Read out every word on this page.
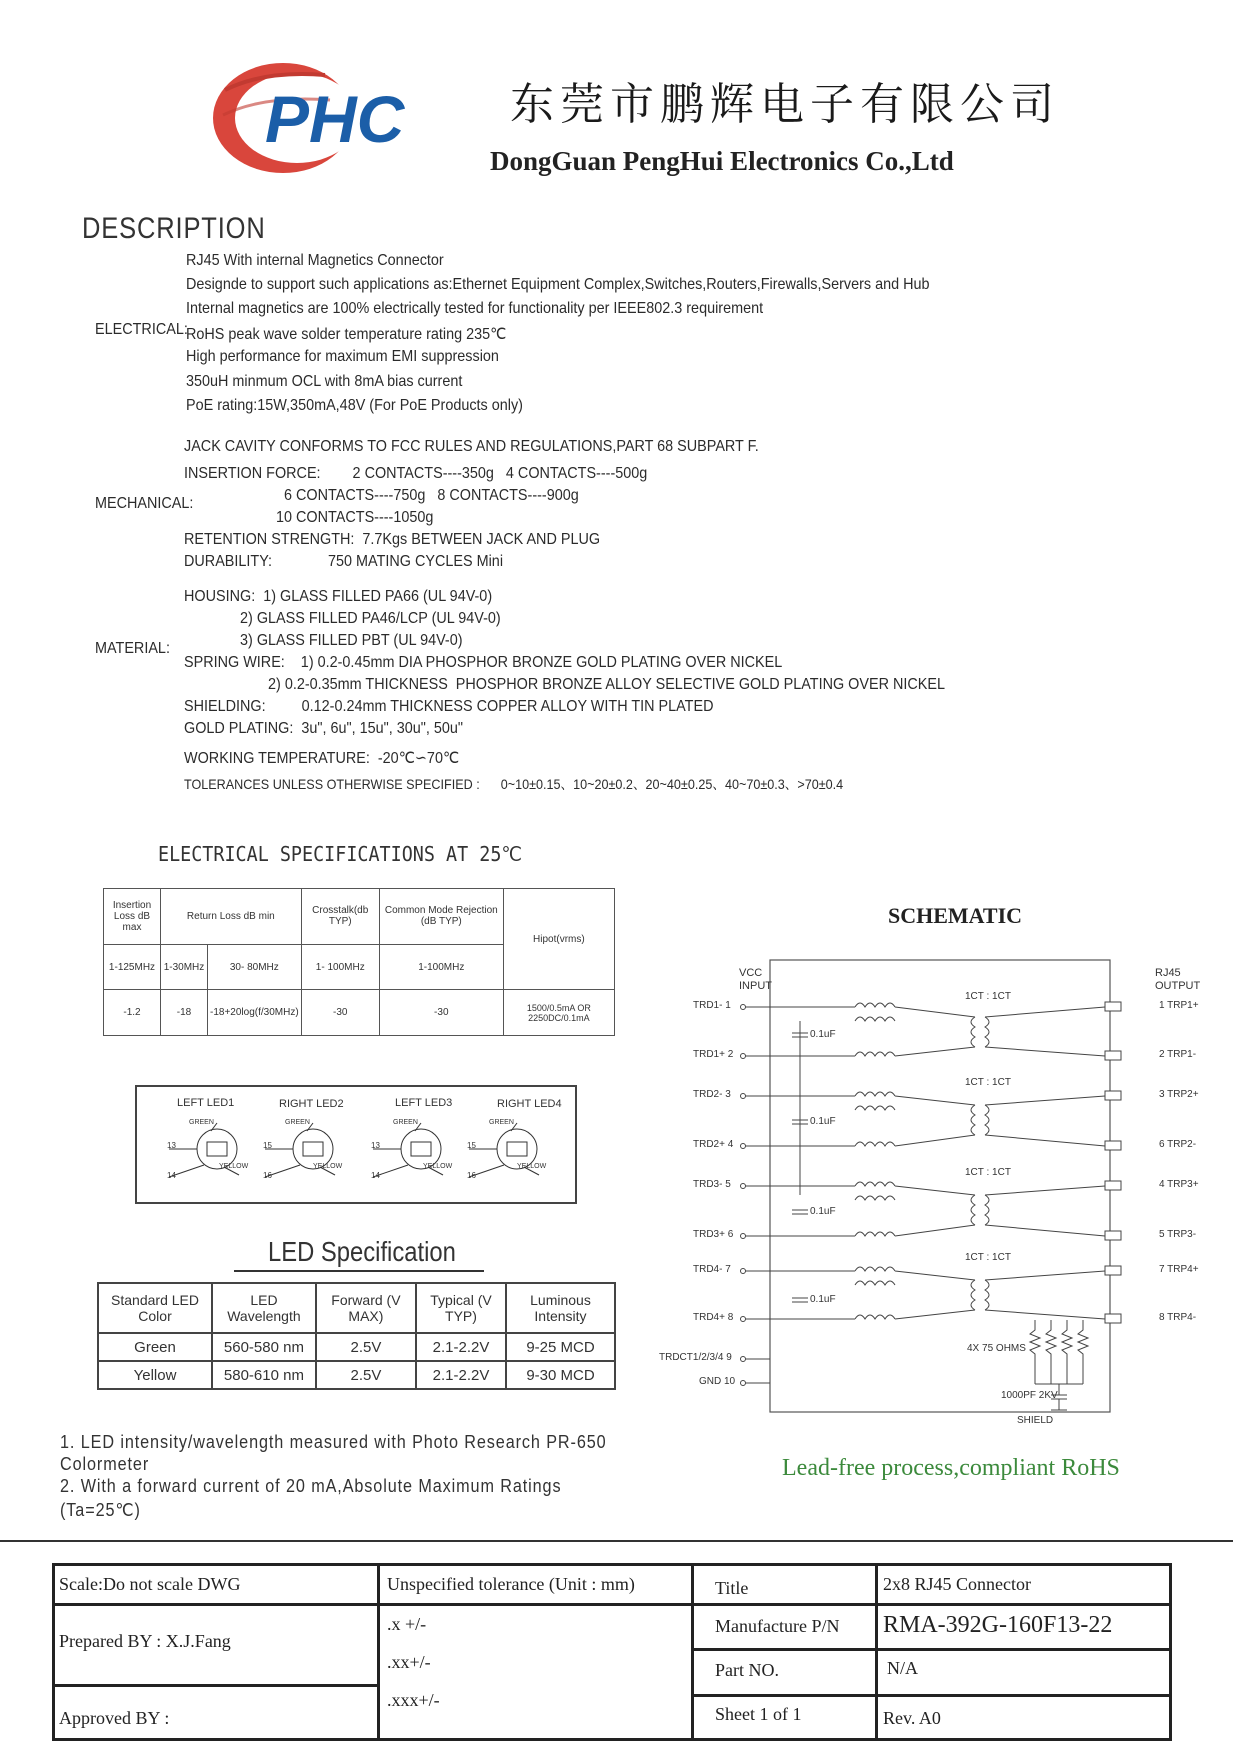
PHC 东莞市鹏辉电子有限公司
DongGuan PengHui Electronics Co.,Ltd
DESCRIPTION
ELECTRICAL:
RJ45 With internal Magnetics Connector
Designde to support such applications as:Ethernet Equipment Complex,Switches,Routers,Firewalls,Servers and Hub
Internal magnetics are 100% electrically tested for functionality per IEEE802.3 requirement
RoHS peak wave solder temperature rating 235℃
High performance for maximum EMI suppression
350uH minmum OCL with 8mA bias current
PoE rating:15W,350mA,48V (For PoE Products only)
MECHANICAL:
JACK CAVITY CONFORMS TO FCC RULES AND REGULATIONS,PART 68 SUBPART F.
INSERTION FORCE:        2 CONTACTS----350g   4 CONTACTS----500g
6 CONTACTS----750g   8 CONTACTS----900g
10 CONTACTS----1050g
RETENTION STRENGTH:  7.7Kgs BETWEEN JACK AND PLUG
DURABILITY:              750 MATING CYCLES Mini
MATERIAL:
HOUSING:  1) GLASS FILLED PA66 (UL 94V-0)
2) GLASS FILLED PA46/LCP (UL 94V-0)
3) GLASS FILLED PBT (UL 94V-0)
SPRING WIRE:    1) 0.2-0.45mm DIA PHOSPHOR BRONZE GOLD PLATING OVER NICKEL
2) 0.2-0.35mm THICKNESS  PHOSPHOR BRONZE ALLOY SELECTIVE GOLD PLATING OVER NICKEL
SHIELDING:         0.12-0.24mm THICKNESS COPPER ALLOY WITH TIN PLATED
GOLD PLATING:  3u", 6u", 15u", 30u", 50u"
WORKING TEMPERATURE:  -20℃∽70℃
TOLERANCES UNLESS OTHERWISE SPECIFIED :      0~10±0.15、10~20±0.2、20~40±0.25、40~70±0.3、>70±0.4
ELECTRICAL SPECIFICATIONS AT 25℃
Insertion Loss dB max	Return Loss dB min		Crosstalk(db TYP)	Common Mode Rejection (dB TYP)	Hipot(vrms)
1-125MHz	1-30MHz	30- 80MHz	1- 100MHz	1-100MHz	
-1.2	-18	-18+20log(f/30MHz)	-30	-30	1500/0.5mA OR 2250DC/0.1mA
LEFT LED1	RIGHT LED2	LEFT LED3	RIGHT LED4
GREEN	GREEN	GREEN	GREEN
YELLOW	YELLOW	YELLOW	YELLOW
13
14
15
16
13
14
15
16
LED Specification
Standard LED Color	LED Wavelength	Forward (V MAX)	Typical (V TYP)	Luminous Intensity
Green	560-580 nm	2.5V	2.1-2.2V	9-25 MCD
Yellow	580-610 nm	2.5V	2.1-2.2V	9-30 MCD
1. LED intensity/wavelength measured with Photo Research PR-650
Colormeter
2. With a forward current of 20 mA,Absolute Maximum Ratings
(Ta=25℃)
SCHEMATIC
VCC
INPUT
RJ45
OUTPUT
TRD1- 1
TRD1+ 2
TRD2- 3
TRD2+ 4
TRD3- 5
TRD3+ 6
TRD4- 7
TRD4+ 8
TRDCT1/2/3/4 9
GND 10
1 TRP1+
2 TRP1-
3 TRP2+
6 TRP2-
4 TRP3+
5 TRP3-
7 TRP4+
8 TRP4-
1CT : 1CT
1CT : 1CT
1CT : 1CT
1CT : 1CT
0.1uF
0.1uF
0.1uF
0.1uF
4X 75 OHMS
1000PF 2KV
SHIELD
Lead-free process,compliant RoHS
Scale:Do not scale DWG
Prepared BY : X.J.Fang
Approved BY :
Unspecified tolerance (Unit : mm)
.x +/-
.xx+/-
.xxx+/-
Title	2x8 RJ45 Connector
Manufacture P/N RMA-392G-160F13-22
Part NO.	N/A
Sheet 1 of 1	Rev. A0
